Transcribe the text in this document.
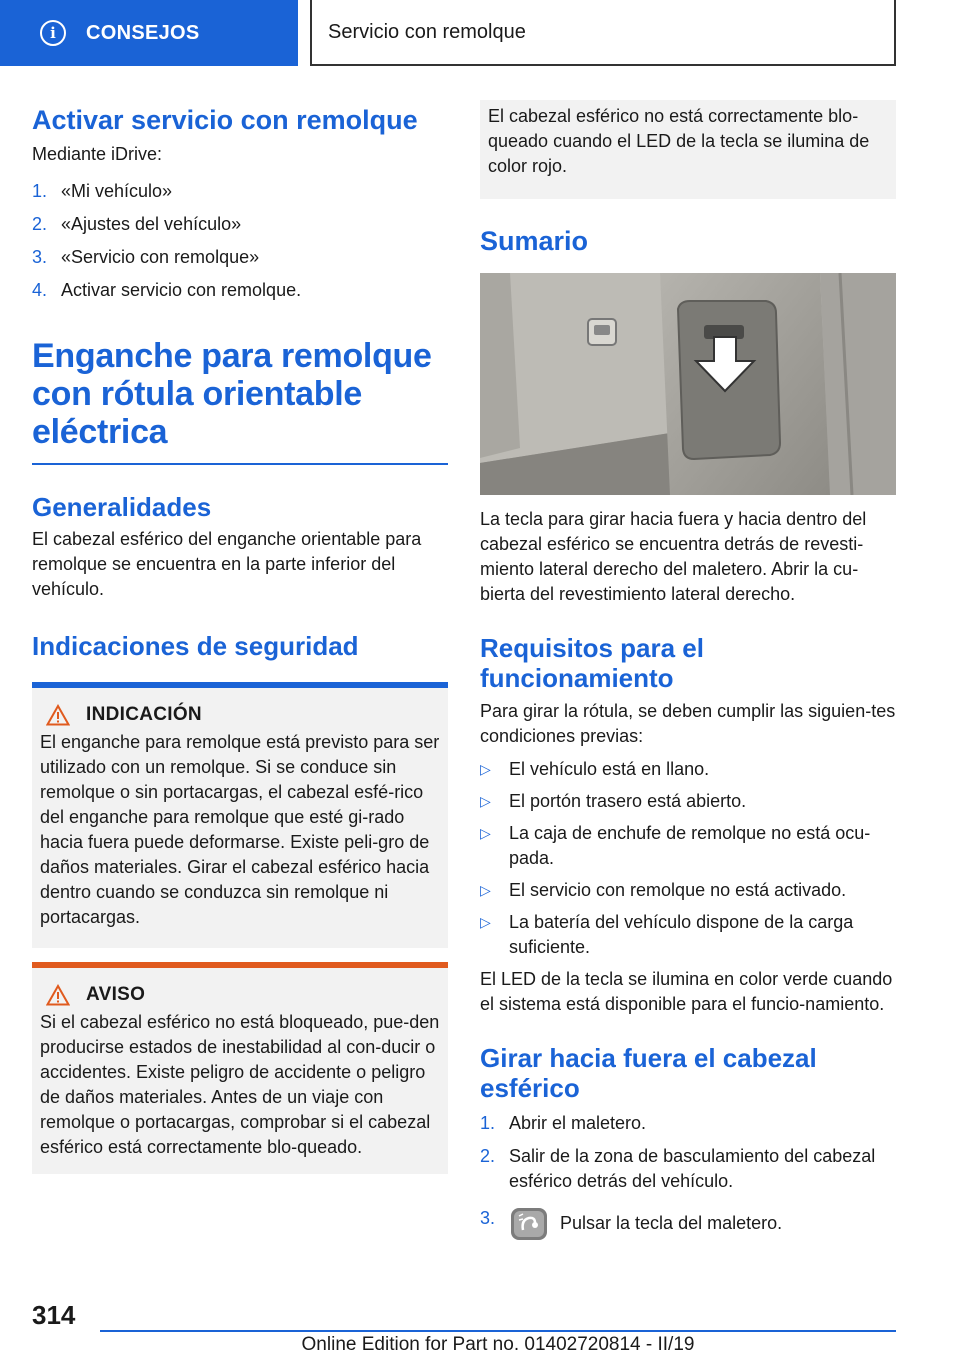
i	CONSEJOS	Servicio con remolque
Activar servicio con remolque

Mediante iDrive:

1. «Mi vehículo»
2. «Ajustes del vehículo»
3. «Servicio con remolque»
4. Activar servicio con remolque.
Enganche para remolque
con rótula orientable
eléctrica
Generalidades

El cabezal esférico del enganche orientable para remolque se encuentra en la parte inferior del vehículo.

Indicaciones de seguridad
INDICACIÓN

El enganche para remolque está previsto para ser utilizado con un remolque. Si se conduce sin remolque o sin portacargas, el cabezal esfé-rico del enganche para remolque que esté gi-rado hacia fuera puede deformarse. Existe peli-gro de daños materiales. Girar el cabezal esférico hacia dentro cuando se conduzca sin remolque ni portacargas.

AVISO

Si el cabezal esférico no está bloqueado, pue-den producirse estados de inestabilidad al con-ducir o accidentes. Existe peligro de accidente o peligro de daños materiales. Antes de un viaje con remolque o portacargas, comprobar si el cabezal esférico está correctamente blo-queado.

El cabezal esférico no está correctamente blo-queado cuando el LED de la tecla se ilumina de color rojo.

Sumario

La tecla para girar hacia fuera y hacia dentro del cabezal esférico se encuentra detrás de revesti-miento lateral derecho del maletero. Abrir la cu-bierta del revestimiento lateral derecho.

Requisitos para el
funcionamiento

Para girar la rótula, se deben cumplir las siguien-tes condiciones previas:

▷ El vehículo está en llano.
▷ El portón trasero está abierto.
▷ La caja de enchufe de remolque no está ocu-pada.
▷ El servicio con remolque no está activado.
▷ La batería del vehículo dispone de la carga suficiente.

El LED de la tecla se ilumina en color verde cuando el sistema está disponible para el funcio-namiento.

Girar hacia fuera el cabezal
esférico
1. Abrir el maletero.
2. Salir de la zona de basculamiento del cabezal esférico detrás del vehículo.
3.	Pulsar la tecla del maletero.
314
Online Edition for Part no. 01402720814 - II/19
